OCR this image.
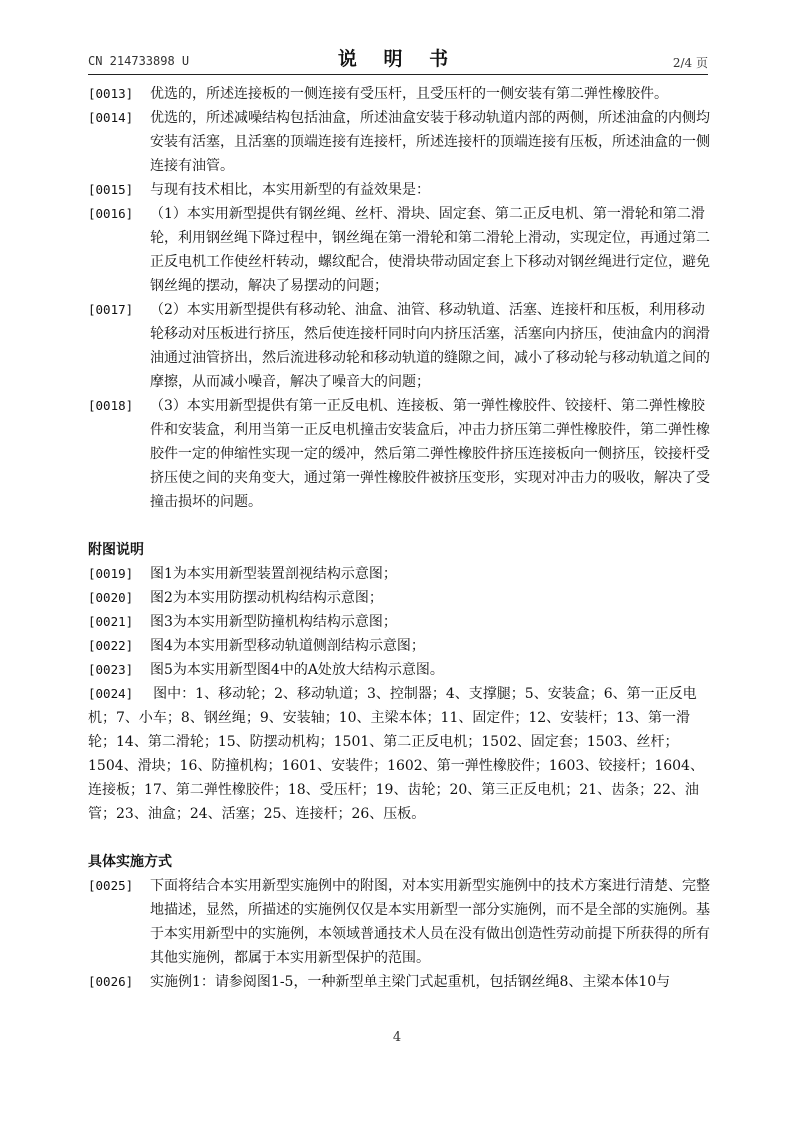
CN 214733898 U	说 明 书	2/4 页
[0013] 优选的，所述连接板的一侧连接有受压杆，且受压杆的一侧安装有第二弹性橡胶件。
[0014] 优选的，所述减噪结构包括油盒，所述油盒安装于移动轨道内部的两侧，所述油盒的内侧均安装有活塞，且活塞的顶端连接有连接杆，所述连接杆的顶端连接有压板，所述油盒的一侧连接有油管。
[0015] 与现有技术相比，本实用新型的有益效果是：
[0016] （1）本实用新型提供有钢丝绳、丝杆、滑块、固定套、第二正反电机、第一滑轮和第二滑轮，利用钢丝绳下降过程中，钢丝绳在第一滑轮和第二滑轮上滑动，实现定位，再通过第二正反电机工作使丝杆转动，螺纹配合，使滑块带动固定套上下移动对钢丝绳进行定位，避免钢丝绳的摆动，解决了易摆动的问题；
[0017] （2）本实用新型提供有移动轮、油盒、油管、移动轨道、活塞、连接杆和压板，利用移动轮移动对压板进行挤压，然后使连接杆同时向内挤压活塞，活塞向内挤压，使油盒内的润滑油通过油管挤出，然后流进移动轮和移动轨道的缝隙之间，减小了移动轮与移动轨道之间的摩擦，从而减小噪音，解决了噪音大的问题；
[0018] （3）本实用新型提供有第一正反电机、连接板、第一弹性橡胶件、铰接杆、第二弹性橡胶件和安装盒，利用当第一正反电机撞击安装盒后，冲击力挤压第二弹性橡胶件，第二弹性橡胶件一定的伸缩性实现一定的缓冲，然后第二弹性橡胶件挤压连接板向一侧挤压，铰接杆受挤压使之间的夹角变大，通过第一弹性橡胶件被挤压变形，实现对冲击力的吸收，解决了受撞击损坏的问题。
附图说明
[0019] 图1为本实用新型装置剖视结构示意图；
[0020] 图2为本实用防摆动机构结构示意图；
[0021] 图3为本实用新型防撞机构结构示意图；
[0022] 图4为本实用新型移动轨道侧剖结构示意图；
[0023] 图5为本实用新型图4中的A处放大结构示意图。
[0024] 图中：1、移动轮；2、移动轨道；3、控制器；4、支撑腿；5、安装盒；6、第一正反电机；7、小车；8、钢丝绳；9、安装轴；10、主梁本体；11、固定件；12、安装杆；13、第一滑轮；14、第二滑轮；15、防摆动机构；1501、第二正反电机；1502、固定套；1503、丝杆；1504、滑块；16、防撞机构；1601、安装件；1602、第一弹性橡胶件；1603、铰接杆；1604、连接板；17、第二弹性橡胶件；18、受压杆；19、齿轮；20、第三正反电机；21、齿条；22、油管；23、油盒；24、活塞；25、连接杆；26、压板。
具体实施方式
[0025] 下面将结合本实用新型实施例中的附图，对本实用新型实施例中的技术方案进行清楚、完整地描述，显然，所描述的实施例仅仅是本实用新型一部分实施例，而不是全部的实施例。基于本实用新型中的实施例，本领域普通技术人员在没有做出创造性劳动前提下所获得的所有其他实施例，都属于本实用新型保护的范围。
[0026] 实施例1：请参阅图1-5，一种新型单主梁门式起重机，包括钢丝绳8、主梁本体10与
4
